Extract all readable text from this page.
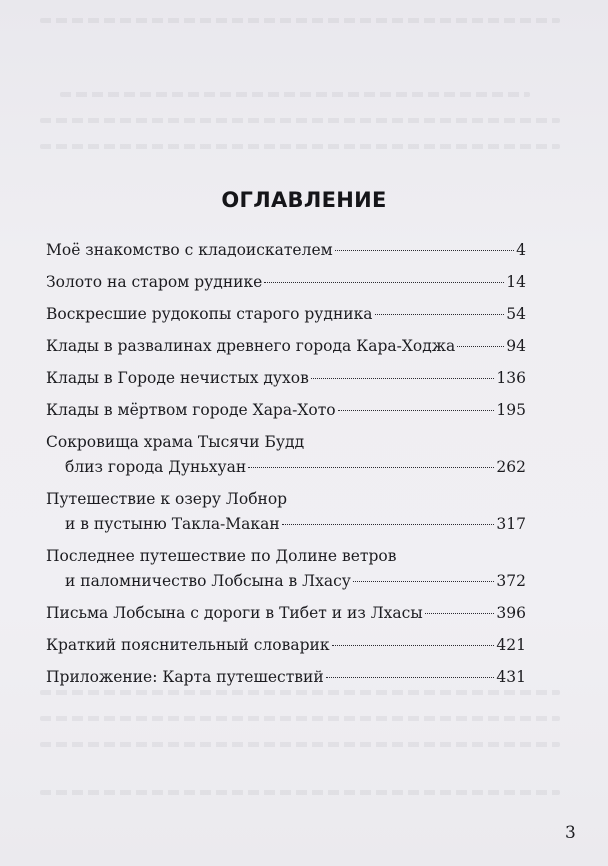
ОГЛАВЛЕНИЕ
Моё знакомство с кладоискателем	4
Золото на старом руднике	14
Воскресшие рудокопы старого рудника	54
Клады в развалинах древнего города Кара-Ходжа	94
Клады в Городе нечистых духов	136
Клады в мёртвом городе Хара-Хото	195
Сокровища храма Тысячи Будд
близ города Дуньхуан	262
Путешествие к озеру Лобнор
и в пустыню Такла-Макан	317
Последнее путешествие по Долине ветров
и паломничество Лобсына в Лхасу	372
Письма Лобсына с дороги в Тибет и из Лхасы	396
Краткий пояснительный словарик	421
Приложение: Карта путешествий	431
3
